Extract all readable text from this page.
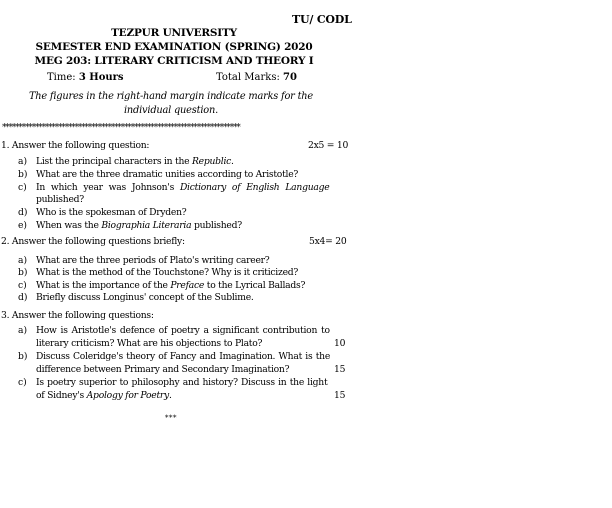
TU/ CODL
TEZPUR UNIVERSITY
SEMESTER END EXAMINATION (SPRING) 2020
MEG 203: LITERARY CRITICISM AND THEORY I
Time: 3 Hours	Total Marks: 70
The figures in the right-hand margin indicate marks for the
individual question.
************************************************************************
1. Answer the following question:	2x5 = 10
a) List the principal characters in the Republic.
b) What are the three dramatic unities according to Aristotle?
c) In which year was Johnson's Dictionary of English Language
published?
d) Who is the spokesman of Dryden?
e) When was the Biographia Literaria published?
2. Answer the following questions briefly:	5x4= 20
a) What are the three periods of Plato's writing career?
b) What is the method of the Touchstone? Why is it criticized?
c) What is the importance of the Preface to the Lyrical Ballads?
d) Briefly discuss Longinus' concept of the Sublime.
3. Answer the following questions:
a) How is Aristotle's defence of poetry a significant contribution to
literary criticism? What are his objections to Plato?	10
b) Discuss Coleridge's theory of Fancy and Imagination. What is the
difference between Primary and Secondary Imagination?	15
c) Is poetry superior to philosophy and history? Discuss in the light
of Sidney's Apology for Poetry.	15
***
